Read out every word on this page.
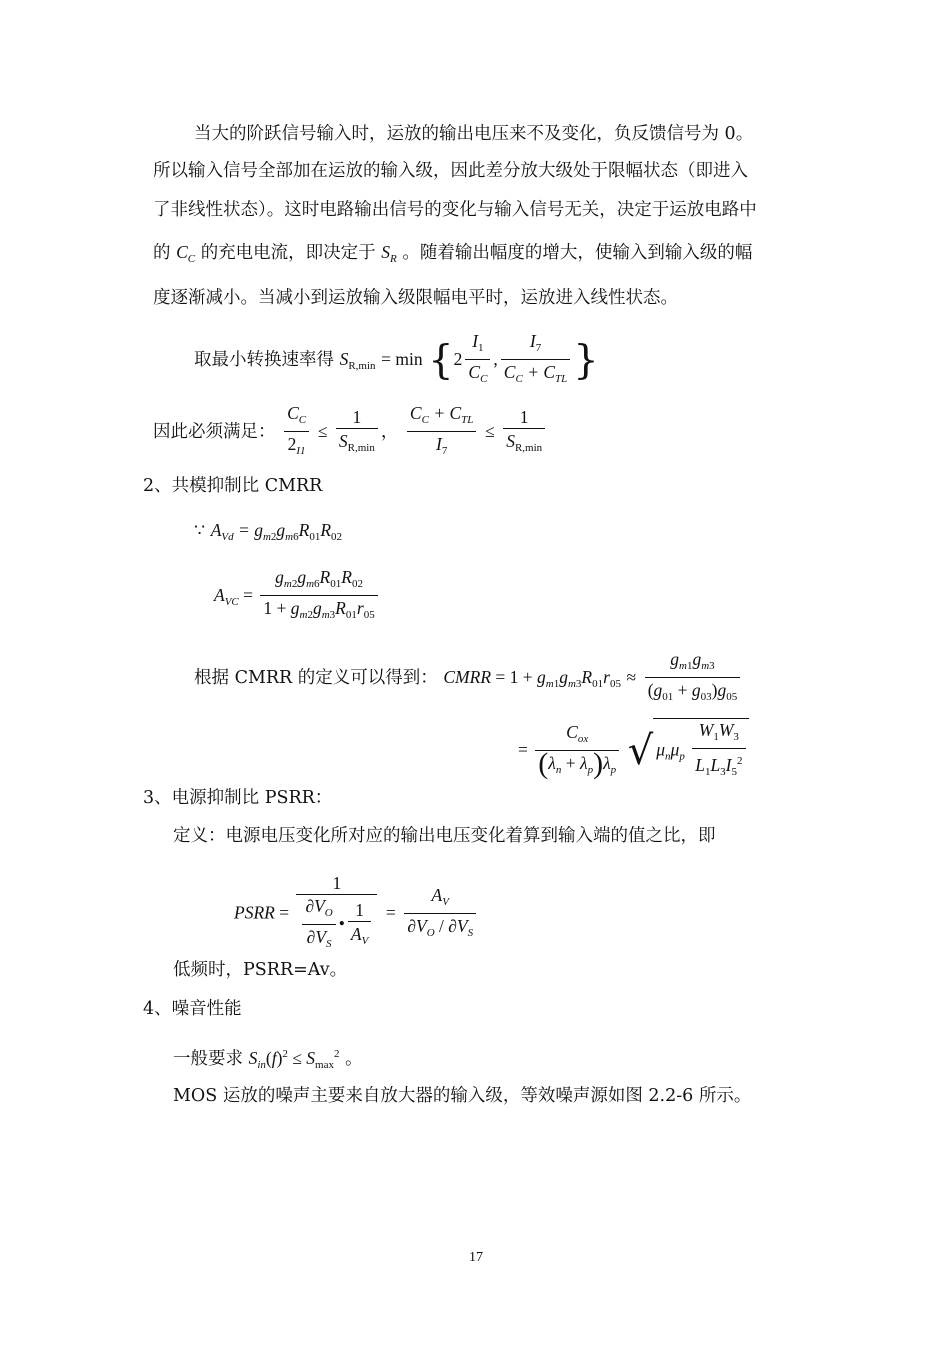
当大的阶跃信号输入时，运放的输出电压来不及变化，负反馈信号为 0。
所以输入信号全部加在运放的输入级，因此差分放大级处于限幅状态（即进入
了非线性状态）。这时电路输出信号的变化与输入信号无关，决定于运放电路中
的 $C_C$ 的充电电流，即决定于 $S_R$ 。随着输出幅度的增大，使输入到输入级的幅
度逐渐减小。当减小到运放输入级限幅电平时，运放进入线性状态。
取最小转换速率得 $S_{R,min} = \min \{2 \frac{I_1}{C_C}$ , $\frac{I_7}{C_C + C_{TL}}$ }
因此必须满足： $\frac{C_C}{2_{I1}} \le \frac{1}{S_{R,min}}$ ， $\frac{C_C + C_{TL}}{I_7} \le \frac{1}{S_{R,min}}$
2、共模抑制比 CMRR
∵ $A_{Vd} = g_{m2}g_{m6}R_{01}R_{02}$
$A_{VC} = \frac{g_{m2}g_{m6}R_{01}R_{02}}{1 + g_{m2}g_{m3}R_{01}r_{05}}$
根据 CMRR 的定义可以得到： CMRR = $1 + g_{m1}g_{m3}R_{01}r_{05} \approx \frac{g_{m1}g_{m3}}{(g_{01} + g_{03})g_{05}}$
= $\frac{C_{ox}}{(\lambda_n + \lambda_p)\lambda_p}$ √ $\mu_n\mu_p \frac{W_1W_3}{L_1L_3I_5^2}$
3、电源抑制比 PSRR：
定义：电源电压变化所对应的输出电压变化着算到输入端的值之比，即
PSRR = $\frac{1}{\frac{\partial V_O}{\partial V_S} • \frac{1}{A_V}} = \frac{A_V}{\partial V_O / \partial V_S}$
低频时，PSRR=Av。
4、噪音性能
一般要求 $S_{in}(f)^2 \le S_{max}^2$ 。
MOS 运放的噪声主要来自放大器的输入级，等效噪声源如图 2.2-6 所示。
17
